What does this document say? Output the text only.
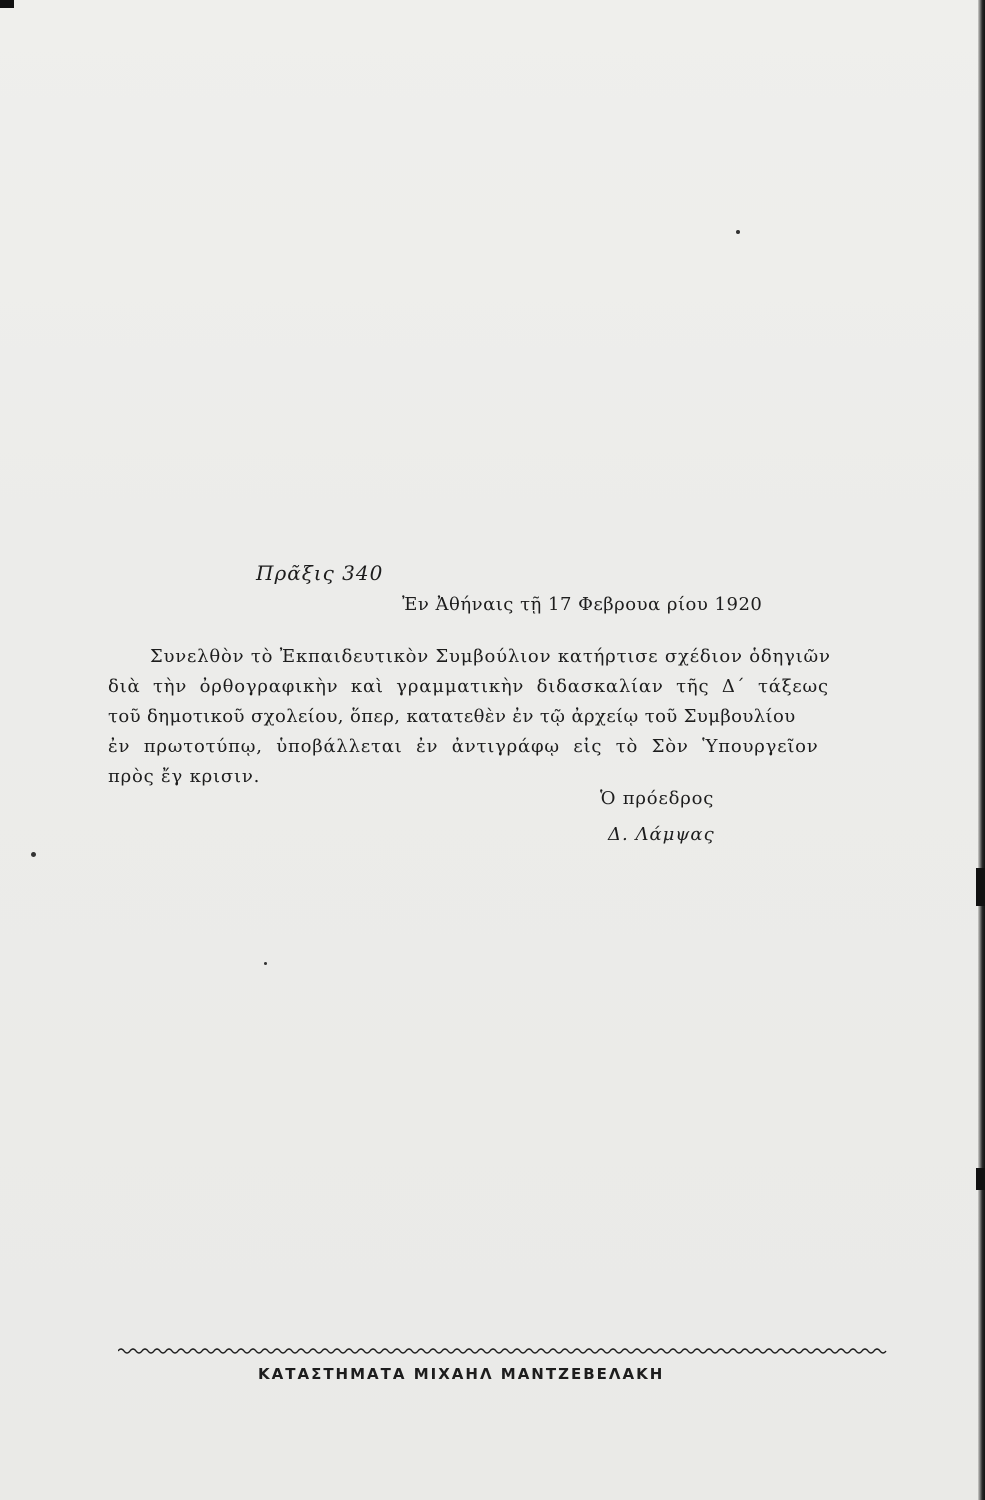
Πρᾶξις 340
Ἐν Ἀθήναις τῇ 17 Φεβρουα ρίου 1920
Συνελθὸν τὸ Ἐκπαιδευτικὸν Συμβούλιον κατήρτισε σχέδιον ὁδηγιῶν
διὰ τὴν ὀρθογραφικὴν καὶ γραμματικὴν διδασκαλίαν τῆς Δ΄ τάξεως
τοῦ δημοτικοῦ σχολείου, ὅπερ, κατατεθὲν ἐν τῷ ἀρχείῳ τοῦ Συμβουλίου
ἐν πρωτοτύπῳ, ὑποβάλλεται ἐν ἀντιγράφῳ εἰς τὸ Σὸν Ὑπουργεῖον
πρὸς ἔγ κρισιν.
Ὁ πρόεδρος
Δ. Λάμψας
ΚΑΤΑΣΤΗΜΑΤΑ ΜΙΧΑΗΛ ΜΑΝΤΖΕΒΕΛΑΚΗ
